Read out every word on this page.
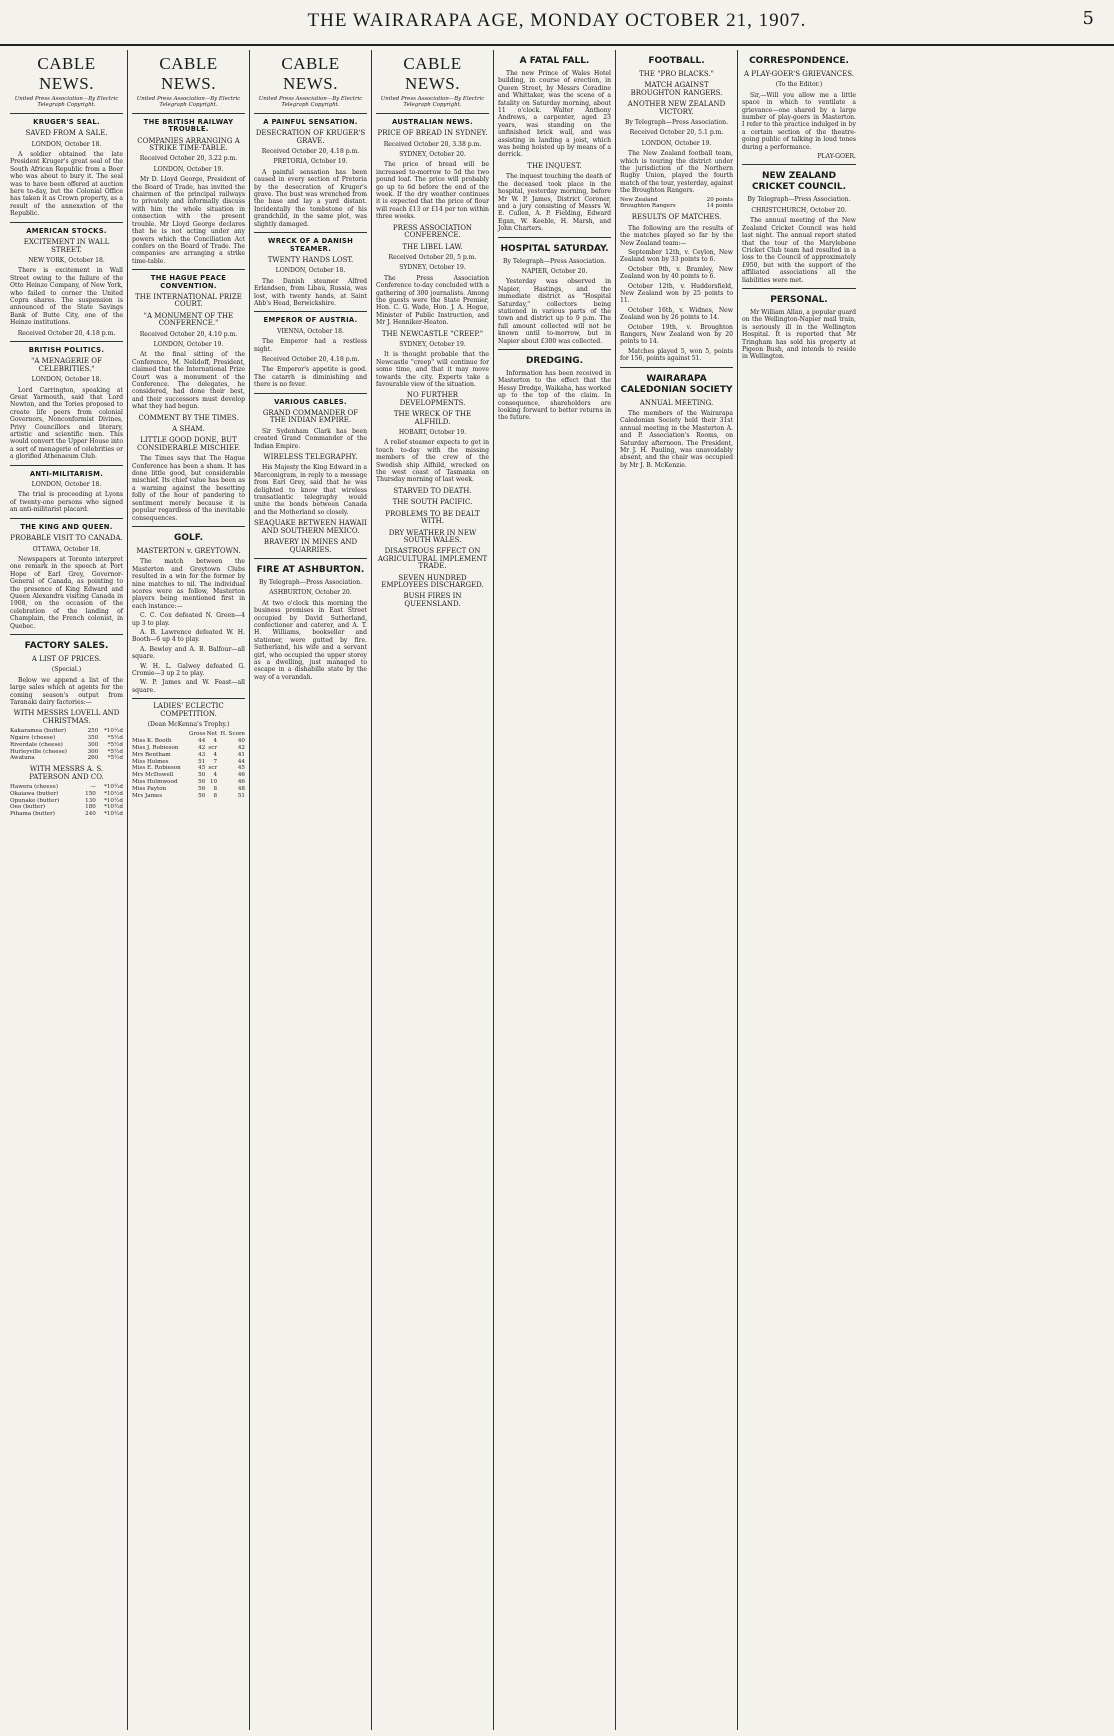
THE WAIRARAPA AGE, MONDAY OCTOBER 21, 1907.	5
CABLE NEWS.
United Press Association—By Electric Telegraph Copyright.
KRUGER'S SEAL.
SAVED FROM A SALE.
LONDON, October 18.

A soldier obtained the late President Kruger's great seal of the South African Republic from a Boer who was about to bury it. The seal was to have been offered at auction here to-day, but the Colonial Office has taken it as Crown property, as a result of the annexation of the Republic.

AMERICAN STOCKS.
EXCITEMENT IN WALL STREET.
NEW YORK, October 18.

There is excitement in Wall Street owing to the failure of the Otto Heinze Company, of New York, who failed to corner the United Copra shares. The suspension is announced of the State Savings Bank of Butte City, one of the Heinze institutions.

Received October 20, 4.18 p.m.
BRITISH POLITICS.
"A MENAGERIE OF CELEBRITIES."
LONDON, October 18.

Lord Carrington, speaking at Great Yarmouth, said that Lord Newton, and the Tories proposed to create life peers from colonial Governors, Nonconformist Divines, Privy Councillors and literary, artistic and scientific men. This would convert the Upper House into a sort of menagerie of celebrities or a glorified Athenaeum Club.

ANTI-MILITARISM.
LONDON, October 18.

The trial is proceeding at Lyons of twenty-one persons who signed an anti-militarist placard.

THE KING AND QUEEN.
PROBABLE VISIT TO CANADA.
OTTAWA, October 18.

Newspapers at Toronto interpret one remark in the speech at Port Hope of Earl Grey, Governor-General of Canada, as pointing to the presence of King Edward and Queen Alexandra visiting Canada in 1908, on the occasion of the celebration of the landing of Champlain, the French colonist, in Quebec.

FACTORY SALES.
A LIST OF PRICES.
(Special.)

Below we append a list of the large sales which at agents for the coming season's output from Taranaki dairy factories:—

WITH MESSRS LOVELL AND CHRISTMAS.
Kakaramea (butter)	250	*10½d
Ngaire (cheese)	350	*5½d
Riverdale (cheese)	300	*5½d
Hurleyville (cheese)	300	*5½d
Awatuna	260	*5½d
WITH MESSRS A. S. PATERSON AND CO.
Hawera (cheese)	—	*10½d
Okaiawa (butter)	150	*10½d
Opunake (butter)	130	*10½d
Oeo (butter)	180	*10½d
Pihama (butter)	240	*10½d
CABLE NEWS.
United Press Association—By Electric Telegraph Copyright.
THE BRITISH RAILWAY TROUBLE.
COMPANIES ARRANGING A STRIKE TIME-TABLE.
Received October 20, 3.22 p.m.
LONDON, October 19.

Mr D. Lloyd George, President of the Board of Trade, has invited the chairmen of the principal railways to privately and informally discuss with him the whole situation in connection with the present trouble. Mr Lloyd George declares that he is not acting under any powers which the Conciliation Act confers on the Board of Trade. The companies are arranging a strike time-table.

THE HAGUE PEACE CONVENTION.
THE INTERNATIONAL PRIZE COURT.
"A MONUMENT OF THE CONFERENCE."
Received October 20, 4.10 p.m.
LONDON, October 19.

At the final sitting of the Conference, M. Nelidoff, President, claimed that the International Prize Court was a monument of the Conference. The delegates, he considered, had done their best, and their successors must develop what they had begun.

COMMENT BY THE TIMES.
A SHAM.
LITTLE GOOD DONE, BUT CONSIDERABLE MISCHIEF.

The Times says that The Hague Conference has been a sham. It has done little good, but considerable mischief. Its chief value has been as a warning against the besetting folly of the hour of pandering to sentiment merely because it is popular regardless of the inevitable consequences.

GOLF.
MASTERTON v. GREYTOWN.

The match between the Masterton and Greytown Clubs resulted in a win for the former by nine matches to nil. The individual scores were as follow, Masterton players being mentioned first in each instance:—

C. C. Cox defeated N. Green—4 up 3 to play.

A. B. Lawrence defeated W. H. Booth—6 up 4 to play.

A. Bewley and A. B. Balfour—all square.

W. H. L. Galwey defeated G. Cromie—3 up 2 to play.

W. P. James and W. Feast—all square.

LADIES' ECLECTIC COMPETITION.
(Dean McKenna's Trophy.)
	Gross	Net	H. Score
Miss K. Booth	44	4	40
Miss J. Robieson	42	scr	42
Mrs Bentham	43	4	41
Miss Holmes	51	7	44
Miss E. Robieson	45	scr	45
Mrs McDowell	50	4	46
Miss Holmwood	56	10	46
Miss Payton	56	8	48
Mrs James	50	8	51
CABLE NEWS.
United Press Association—By Electric Telegraph Copyright.
A PAINFUL SENSATION.
DESECRATION OF KRUGER'S GRAVE.
Received October 20, 4.18 p.m.
PRETORIA, October 19.

A painful sensation has been caused in every section of Pretoria by the desecration of Kruger's grave. The bust was wrenched from the base and lay a yard distant. Incidentally the tombstone of his grandchild, in the same plot, was slightly damaged.

WRECK OF A DANISH STEAMER.
TWENTY HANDS LOST.
LONDON, October 18.

The Danish steamer Alfred Erlandsen, from Libau, Russia, was lost, with twenty hands, at Saint Abb's Head, Berwickshire.

EMPEROR OF AUSTRIA.
VIENNA, October 18.

The Emperor had a restless night.

Received October 20, 4.18 p.m.

The Emperor's appetite is good. The catarrh is diminishing and there is no fever.

VARIOUS CABLES.
GRAND COMMANDER OF THE INDIAN EMPIRE.

Sir Sydenham Clark has been created Grand Commander of the Indian Empire.

WIRELESS TELEGRAPHY.

His Majesty the King Edward in a Marconigram, in reply to a message from Earl Grey, said that he was delighted to know that wireless transatlantic telegraphy would unite the bonds between Canada and the Motherland so closely.

SEAQUAKE BETWEEN HAWAII AND SOUTHERN MEXICO.
BRAVERY IN MINES AND QUARRIES.
FIRE AT ASHBURTON.
By Telegraph—Press Association.
ASHBURTON, October 20.

At two o'clock this morning the business premises in East Street occupied by David Sutherland, confectioner and caterer, and A. T. H. Williams, bookseller and stationer, were gutted by fire. Sutherland, his wife and a servant girl, who occupied the upper storey as a dwelling, just managed to escape in a dishabille state by the way of a verandah.

CABLE NEWS.
United Press Association—By Electric Telegraph Copyright.
AUSTRALIAN NEWS.
PRICE OF BREAD IN SYDNEY.
Received October 20, 3.38 p.m.
SYDNEY, October 20.

The price of bread will be increased to-morrow to 5d the two pound loaf. The price will probably go up to 6d before the end of the week. If the dry weather continues it is expected that the price of flour will reach £13 or £14 per ton within three weeks.

PRESS ASSOCIATION CONFERENCE.
THE LIBEL LAW.
Received October 20, 5 p.m.
SYDNEY, October 19.

The Press Association Conference to-day concluded with a gathering of 300 journalists. Among the guests were the State Premier, Hon. C. G. Wade, Hon. J. A. Hogue, Minister of Public Instruction, and Mr J. Henniker-Heaton.

THE NEWCASTLE "CREEP."
SYDNEY, October 19.

It is thought probable that the Newcastle "creep" will continue for some time, and that it may move towards the city. Experts take a favourable view of the situation.

NO FURTHER DEVELOPMENTS.
THE WRECK OF THE ALFHILD.
HOBART, October 19.

A relief steamer expects to get in touch to-day with the missing members of the crew of the Swedish ship Alfhild, wrecked on the west coast of Tasmania on Thursday morning of last week.

STARVED TO DEATH.
THE SOUTH PACIFIC.
PROBLEMS TO BE DEALT WITH.
DRY WEATHER IN NEW SOUTH WALES.
DISASTROUS EFFECT ON AGRICULTURAL IMPLEMENT TRADE.
SEVEN HUNDRED EMPLOYEES DISCHARGED.
BUSH FIRES IN QUEENSLAND.
A FATAL FALL.

The new Prince of Wales Hotel building, in course of erection, in Queen Street, by Messrs Coradine and Whittaker, was the scene of a fatality on Saturday morning, about 11 o'clock. Walter Anthony Andrews, a carpenter, aged 23 years, was standing on the unfinished brick wall, and was assisting in landing a joist, which was being hoisted up by means of a derrick.

THE INQUEST.

The inquest touching the death of the deceased took place in the hospital, yesterday morning, before Mr W. P. James, District Coroner, and a jury consisting of Messrs W. E. Cullen, A. P. Fielding, Edward Egan, W. Keeble, H. Marsh, and John Charters.

HOSPITAL SATURDAY.
By Telegraph—Press Association.
NAPIER, October 20.

Yesterday was observed in Napier, Hastings, and the immediate district as "Hospital Saturday," collectors being stationed in various parts of the town and district up to 9 p.m. The full amount collected will not be known until to-morrow, but in Napier about £300 was collected.

DREDGING.

Information has been received in Masterton to the effect that the Hessy Dredge, Waikaha, has worked up to the top of the claim. In consequence, shareholders are looking forward to better returns in the future.

FOOTBALL.
THE "PRO BLACKS."
MATCH AGAINST BROUGHTON RANGERS.
ANOTHER NEW ZEALAND VICTORY.
By Telegraph—Press Association.
Received October 20, 5.1 p.m.
LONDON, October 19.

The New Zealand football team, which is touring the district under the jurisdiction of the Northern Rugby Union, played the fourth match of the tour, yesterday, against the Broughton Rangers.

New Zealand	20 points
Broughton Rangers	14 points
RESULTS OF MATCHES.

The following are the results of the matches played so far by the New Zealand team:—

September 12th, v. Ceylon, New Zealand won by 33 points to 6.

October 9th, v. Bramley, New Zealand won by 40 points to 6.

October 12th, v. Huddersfield, New Zealand won by 25 points to 11.

October 16th, v. Widnes, New Zealand won by 26 points to 14.

October 19th, v. Broughton Rangers, New Zealand won by 20 points to 14.

Matches played 5, won 5, points for 156, points against 51.

WAIRARAPA CALEDONIAN SOCIETY
ANNUAL MEETING.

The members of the Wairarapa Caledonian Society held their 31st annual meeting in the Masterton A. and P. Association's Rooms, on Saturday afternoon. The President, Mr J. H. Pauling, was unavoidably absent, and the chair was occupied by Mr J. B. McKenzie.

CORRESPONDENCE.
A PLAY-GOER'S GRIEVANCES.
(To the Editor.)

Sir,—Will you allow me a little space in which to ventilate a grievance—one shared by a large number of play-goers in Masterton. I refer to the practice indulged in by a certain section of the theatre-going public of talking in loud tones during a performance.

PLAY-GOER.
NEW ZEALAND CRICKET COUNCIL.
By Telegraph—Press Association.
CHRISTCHURCH, October 20.

The annual meeting of the New Zealand Cricket Council was held last night. The annual report stated that the tour of the Marylebone Cricket Club team had resulted in a loss to the Council of approximately £950, but with the support of the affiliated associations all the liabilities were met.

PERSONAL.

Mr William Allan, a popular guard on the Wellington-Napier mail train, is seriously ill in the Wellington Hospital. It is reported that Mr Tringham has sold his property at Pigeon Bush, and intends to reside in Wellington.
